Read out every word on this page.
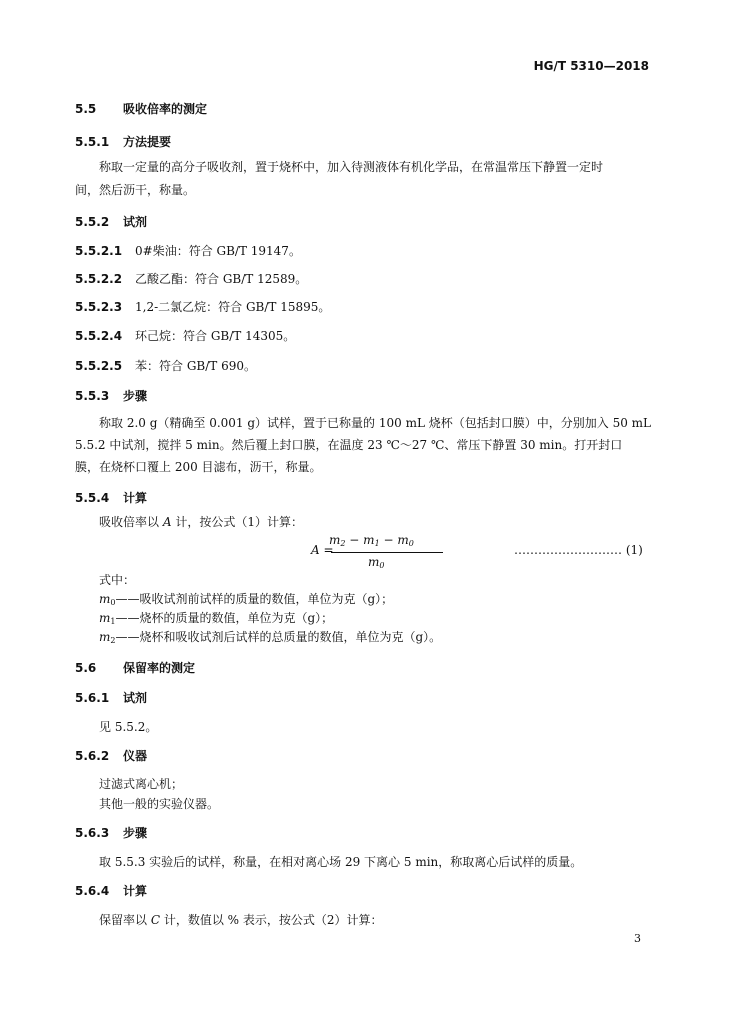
HG/T 5310—2018
5.5 吸收倍率的测定
5.5.1 方法提要
称取一定量的高分子吸收剂，置于烧杯中，加入待测液体有机化学品，在常温常压下静置一定时
间，然后沥干，称量。
5.5.2 试剂
5.5.2.1 0#柴油：符合 GB/T 19147。
5.5.2.2 乙酸乙酯：符合 GB/T 12589。
5.5.2.3 1,2-二氯乙烷：符合 GB/T 15895。
5.5.2.4 环己烷：符合 GB/T 14305。
5.5.2.5 苯：符合 GB/T 690。
5.5.3 步骤
称取 2.0 g（精确至 0.001 g）试样，置于已称量的 100 mL 烧杯（包括封口膜）中，分别加入 50 mL
5.5.2 中试剂，搅拌 5 min。然后覆上封口膜，在温度 23 ℃～27 ℃、常压下静置 30 min。打开封口
膜，在烧杯口覆上 200 目滤布，沥干，称量。
5.5.4 计算
吸收倍率以 A 计，按公式（1）计算：
A =
$m_2 - m_1 - m_0$
$m_0$
……………………… (1)
式中：
$m_0——$吸收试剂前试样的质量的数值，单位为克（g）；
$m_1——$烧杯的质量的数值，单位为克（g）；
$m_2——$烧杯和吸收试剂后试样的总质量的数值，单位为克（g）。
5.6 保留率的测定
5.6.1 试剂
见 5.5.2。
5.6.2 仪器
过滤式离心机；
其他一般的实验仪器。
5.6.3 步骤
取 5.5.3 实验后的试样，称量，在相对离心场 29 下离心 5 min，称取离心后试样的质量。
5.6.4 计算
保留率以 C 计，数值以 % 表示，按公式（2）计算：
3
